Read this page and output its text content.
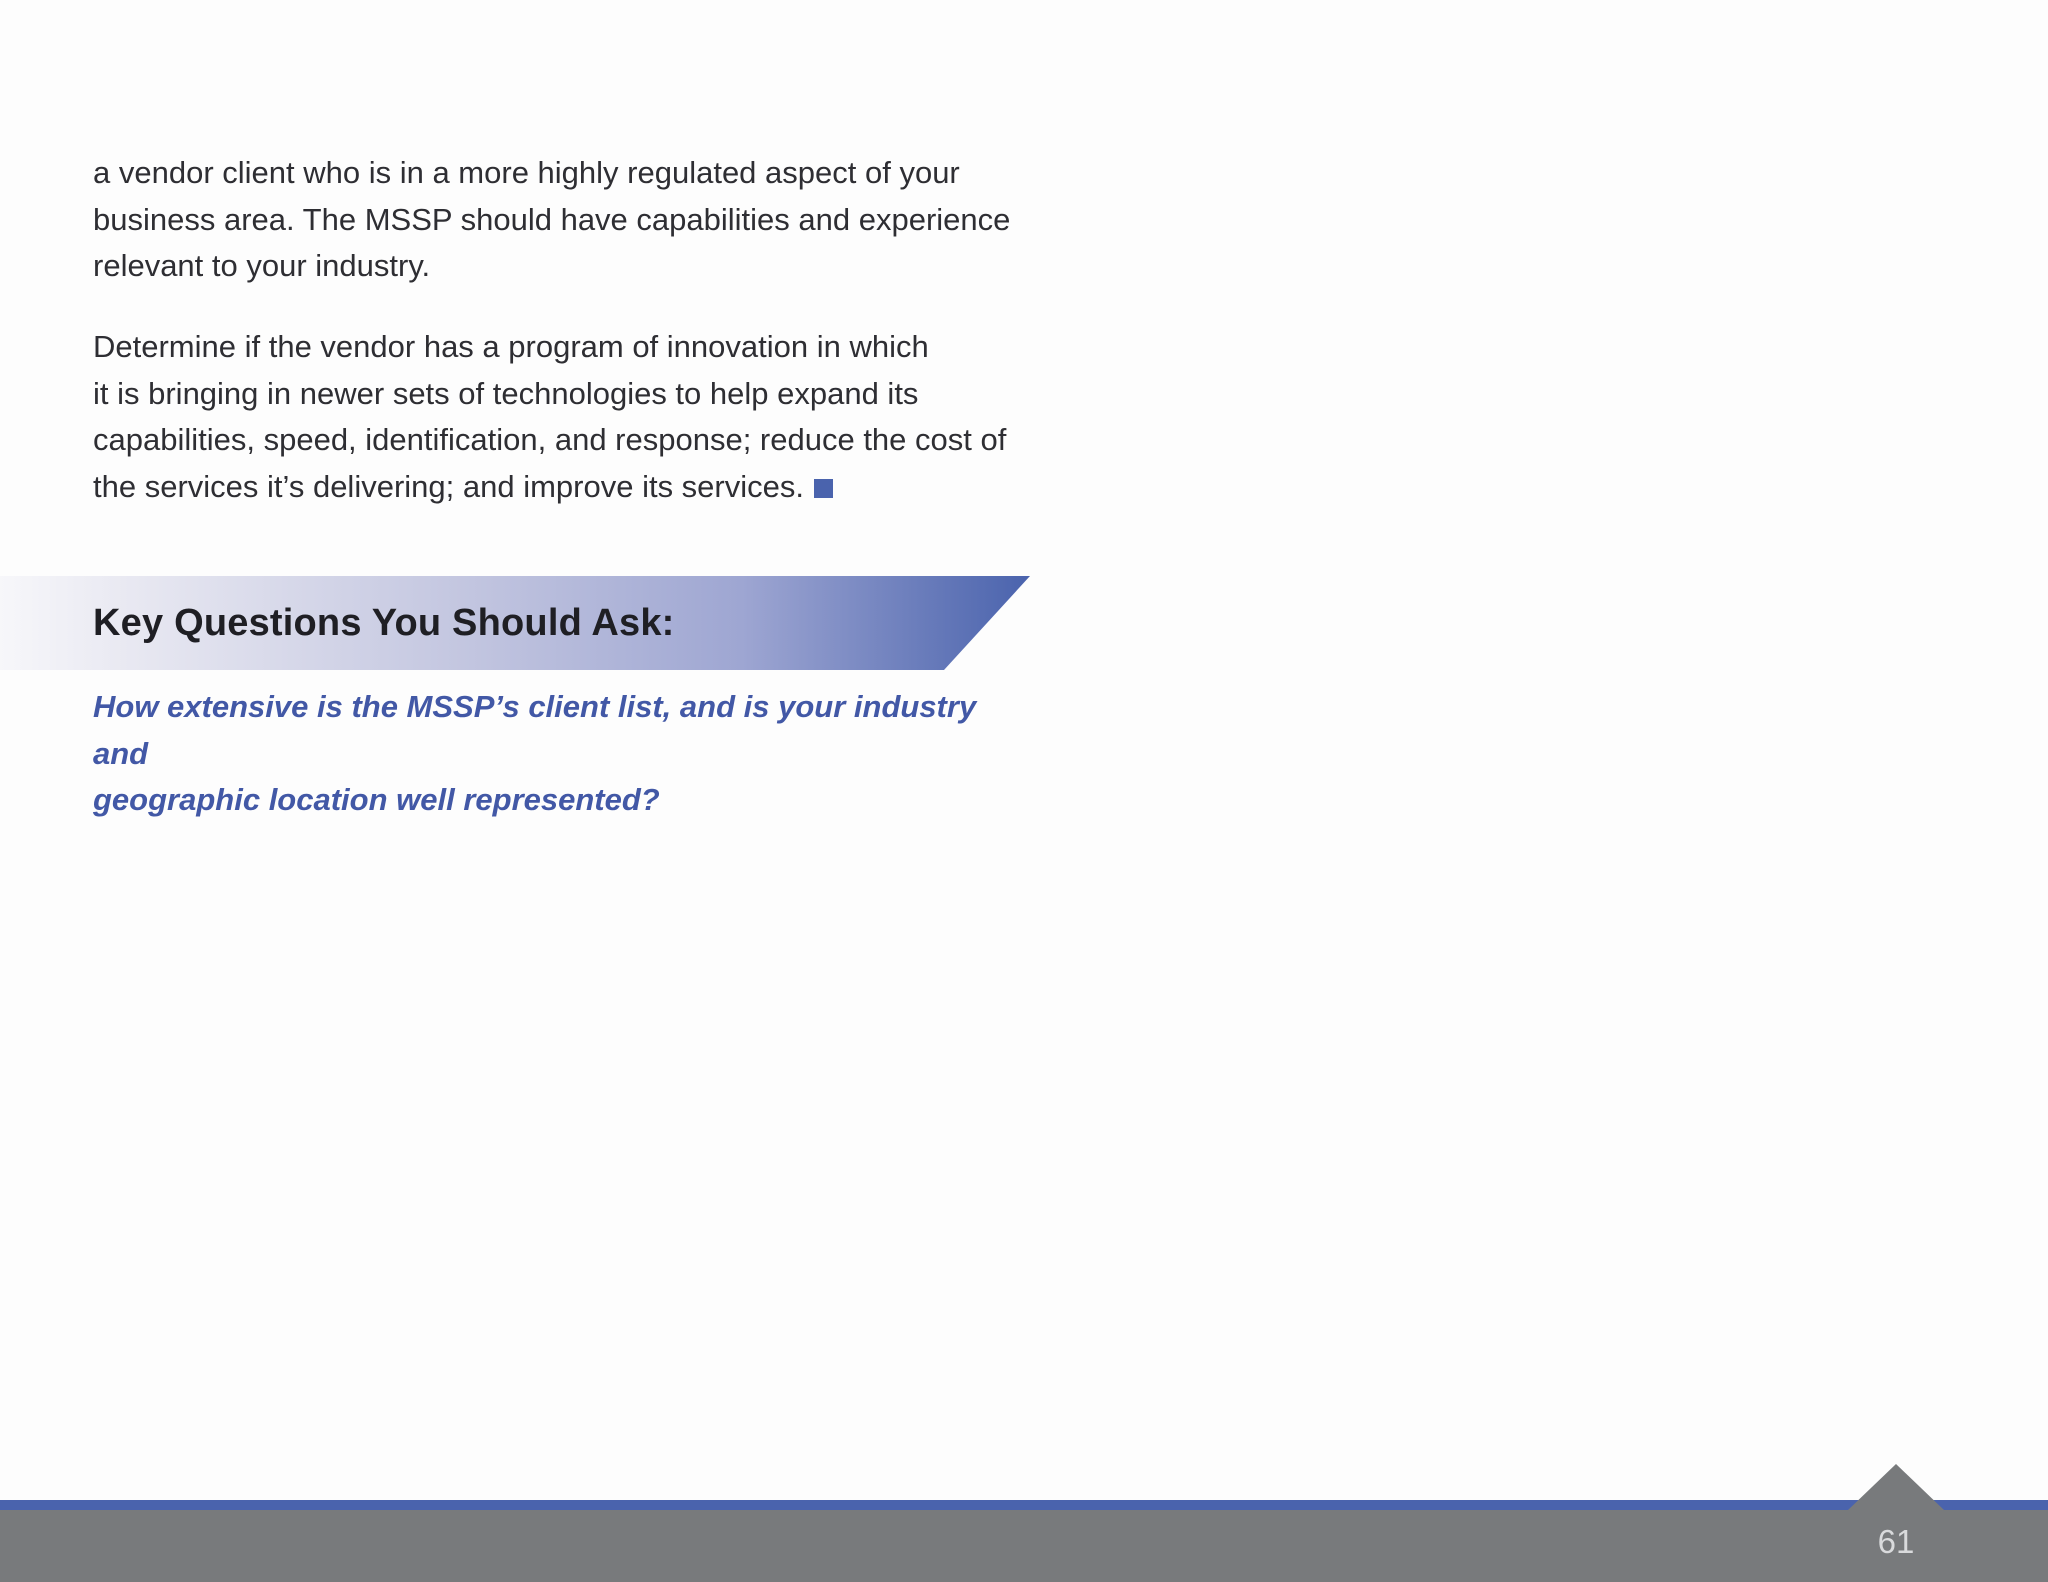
a vendor client who is in a more highly regulated aspect of your
business area. The MSSP should have capabilities and experience
relevant to your industry.

Determine if the vendor has a program of innovation in which
it is bringing in newer sets of technologies to help expand its
capabilities, speed, identification, and response; reduce the cost of
the services it’s delivering; and improve its services.

Key Questions You Should Ask:

How extensive is the MSSP’s client list, and is your industry and
geographic location well represented?

61
